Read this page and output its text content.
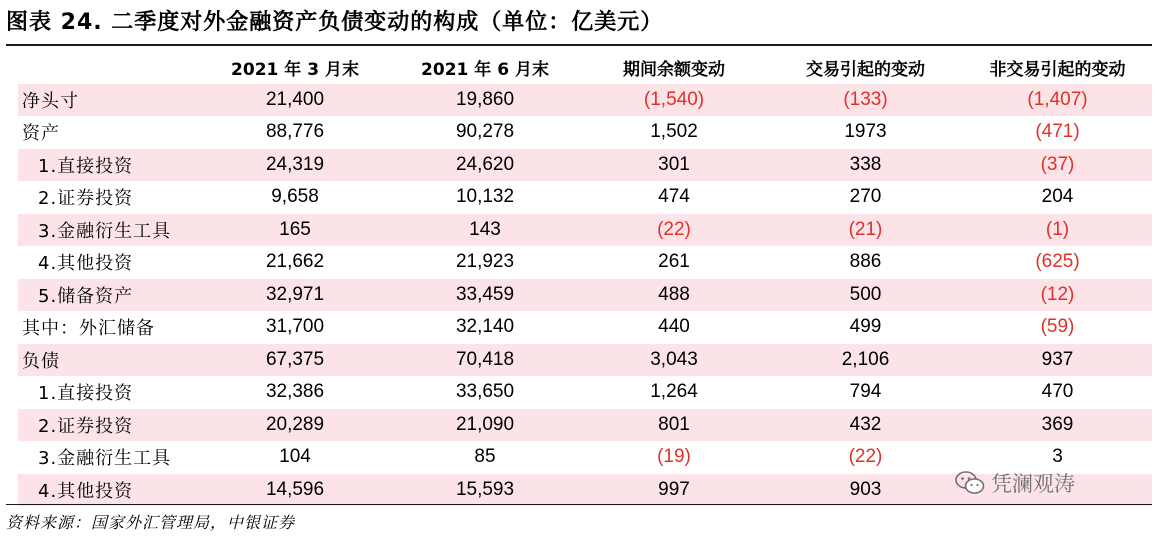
图表 24. 二季度对外金融资产负债变动的构成（单位：亿美元）
	2021 年 3 月末	2021 年 6 月末	期间余额变动	交易引起的变动	非交易引起的变动
净头寸	21,400	19,860	(1,540)	(133)	(1,407)
资产	88,776	90,278	1,502	1973	(471)
1.直接投资	24,319	24,620	301	338	(37)
2.证券投资	9,658	10,132	474	270	204
3.金融衍生工具	165	143	(22)	(21)	(1)
4.其他投资	21,662	21,923	261	886	(625)
5.储备资产	32,971	33,459	488	500	(12)
其中：外汇储备	31,700	32,140	440	499	(59)
负债	67,375	70,418	3,043	2,106	937
1.直接投资	32,386	33,650	1,264	794	470
2.证券投资	20,289	21,090	801	432	369
3.金融衍生工具	104	85	(19)	(22)	3
4.其他投资	14,596	15,593	997	903	
资料来源：国家外汇管理局，中银证券
凭澜观涛
